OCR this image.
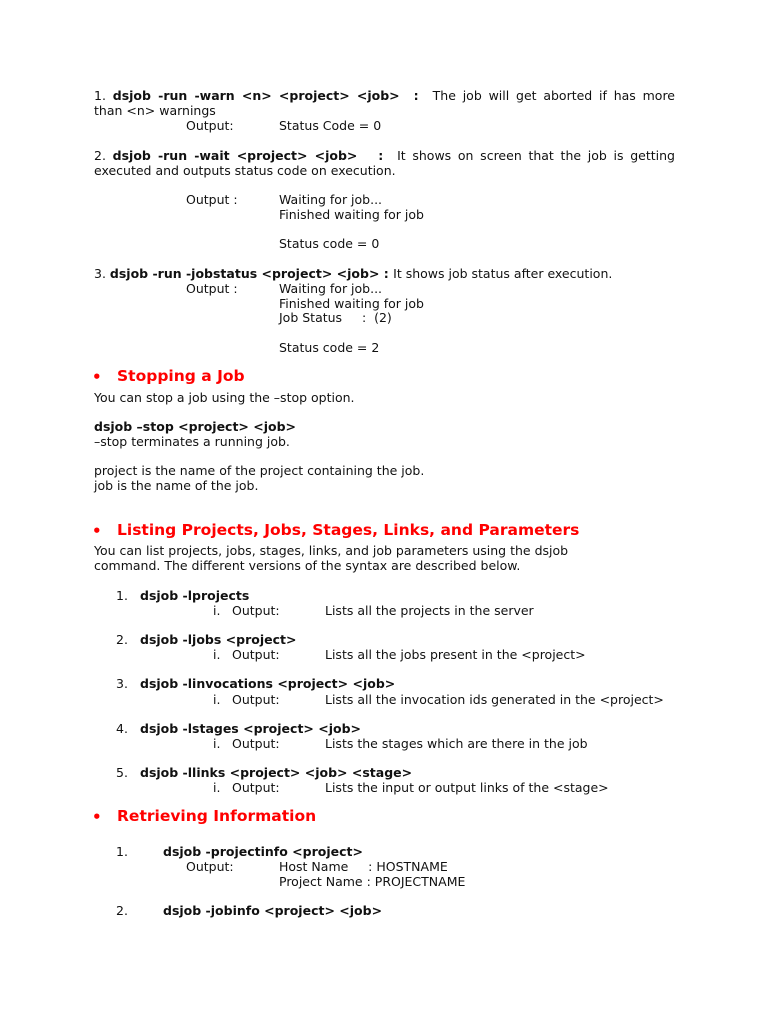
1. dsjob -run -warn <n> <project> <job>  :  The job will get aborted if has more
than <n> warnings
Output:	Status Code = 0
2. dsjob -run -wait <project> <job>   :  It shows on screen that the job is getting
executed and outputs status code on execution.
Output :	Waiting for job...
Finished waiting for job
Status code = 0
3. dsjob -run -jobstatus <project> <job> : It shows job status after execution.
Output :	Waiting for job...
Finished waiting for job
Job Status     :  (2)
Status code = 2
• Stopping a Job
You can stop a job using the –stop option.
dsjob –stop <project> <job>
–stop terminates a running job.
project is the name of the project containing the job.
job is the name of the job.
• Listing Projects, Jobs, Stages, Links, and Parameters
You can list projects, jobs, stages, links, and job parameters using the dsjob
command. The different versions of the syntax are described below.
1. dsjob -lprojects
i. Output:	Lists all the projects in the server
2. dsjob -ljobs <project>
i. Output:	Lists all the jobs present in the <project>
3. dsjob -linvocations <project> <job>
i. Output:	Lists all the invocation ids generated in the <project>
4. dsjob -lstages <project> <job>
i. Output:	Lists the stages which are there in the job
5. dsjob -llinks <project> <job> <stage>
i. Output:	Lists the input or output links of the <stage>
• Retrieving Information
1.	dsjob -projectinfo <project>
Output:	Host Name     : HOSTNAME
Project Name : PROJECTNAME
2.	dsjob -jobinfo <project> <job>
